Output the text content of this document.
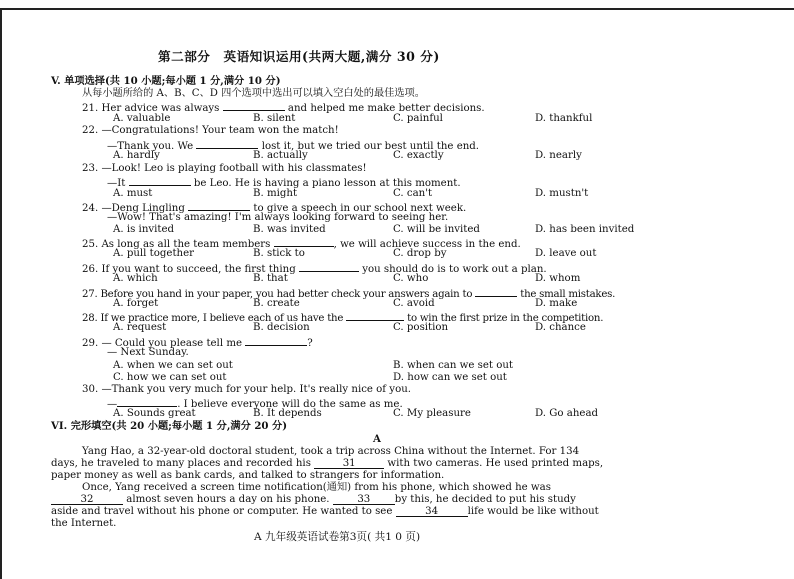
第二部分　英语知识运用(共两大题,满分 30 分)
V. 单项选择(共 10 小题;每小题 1 分,满分 10 分)
从每小题所给的 A、B、C、D 四个选项中选出可以填入空白处的最佳选项。
21. Her advice was always	and helped me make better decisions.
A. valuable	B. silent	C. painful	D. thankful
22. —Congratulations! Your team won the match!
—Thank you. We	lost it, but we tried our best until the end.
A. hardly	B. actually	C. exactly	D. nearly
23. —Look! Leo is playing football with his classmates!
—It	be Leo. He is having a piano lesson at this moment.
A. must	B. might	C. can't	D. mustn't
24. —Deng Lingling	to give a speech in our school next week.
—Wow! That's amazing! I'm always looking forward to seeing her.
A. is invited	B. was invited	C. will be invited	D. has been invited
25. As long as all the team members	, we will achieve success in the end.
A. pull together	B. stick to	C. drop by	D. leave out
26. If you want to succeed, the first thing	you should do is to work out a plan.
A. which	B. that	C. who	D. whom
27. Before you hand in your paper, you had better check your answers again to	the small mistakes.
A. forget	B. create	C. avoid	D. make
28. If we practice more, I believe each of us have the	to win the first prize in the competition.
A. request	B. decision	C. position	D. chance
29. — Could you please tell me	?
— Next Sunday.
A. when we can set out	B. when can we set out
C. how we can set out	D. how can we set out
30. —Thank you very much for your help. It's really nice of you.
—	. I believe everyone will do the same as me.
A. Sounds great	B. It depends	C. My pleasure	D. Go ahead
VI. 完形填空(共 20 小题;每小题 1 分,满分 20 分)
A
Yang Hao, a 32-year-old doctoral student, took a trip across China without the Internet. For 134
days, he traveled to many places and recorded his	31	with two cameras. He used printed maps,
paper money as well as bank cards, and talked to strangers for information.
Once, Yang received a screen time notification(通知) from his phone, which showed he was
32	almost seven hours a day on his phone.	33 by this, he decided to put his study
aside and travel without his phone or computer. He wanted to see	34	life would be like without
the Internet.
A 九年级英语试卷第3页( 共1 0 页)
